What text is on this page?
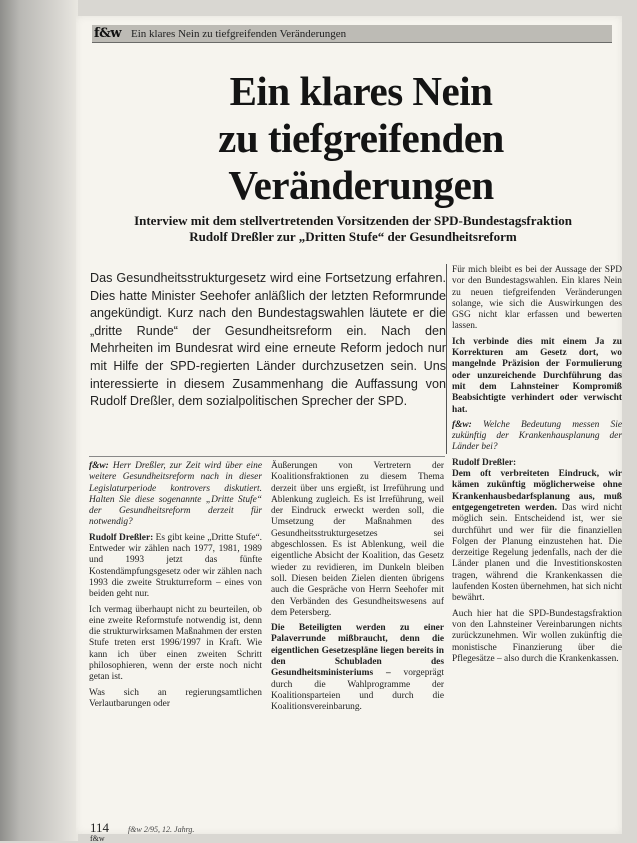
f&w Ein klares Nein zu tiefgreifenden Veränderungen
Ein klares Nein
zu tiefgreifenden
Veränderungen
Interview mit dem stellvertretenden Vorsitzenden der SPD-Bundestagsfraktion
Rudolf Dreßler zur „Dritten Stufe“ der Gesundheitsreform
Das Gesundheitsstrukturgesetz wird eine Fortsetzung erfahren. Dies hatte Minister Seehofer anläßlich der letzten Reformrunde angekündigt. Kurz nach den Bundestagswahlen läutete er die „dritte Runde“ der Gesundheitsreform ein. Nach den Mehrheiten im Bundesrat wird eine erneute Reform jedoch nur mit Hilfe der SPD-regierten Länder durchzusetzen sein. Uns interessierte in diesem Zusammenhang die Auffassung von Rudolf Dreßler, dem sozialpolitischen Sprecher der SPD.

f&w: Herr Dreßler, zur Zeit wird über eine weitere Gesundheitsreform nach in dieser Legislaturperiode kontrovers diskutiert. Halten Sie diese sogenannte „Dritte Stufe“ der Gesundheitsreform derzeit für notwendig?

Rudolf Dreßler: Es gibt keine „Dritte Stufe“. Entweder wir zählen nach 1977, 1981, 1989 und 1993 jetzt das fünfte Kostendämpfungsgesetz oder wir zählen nach 1993 die zweite Strukturreform – eines von beiden geht nur.

Ich vermag überhaupt nicht zu beurteilen, ob eine zweite Reformstufe notwendig ist, denn die strukturwirksamen Maßnahmen der ersten Stufe treten erst 1996/1997 in Kraft. Wie kann ich über einen zweiten Schritt philosophieren, wenn der erste noch nicht getan ist.

Was sich an regierungsamtlichen Verlautbarungen oder

Äußerungen von Vertretern der Koalitionsfraktionen zu diesem Thema derzeit über uns ergießt, ist Irreführung und Ablenkung zugleich. Es ist Irreführung, weil der Eindruck erweckt werden soll, die Umsetzung der Maßnahmen des Gesundheitsstrukturgesetzes sei abgeschlossen. Es ist Ablenkung, weil die eigentliche Absicht der Koalition, das Gesetz wieder zu revidieren, im Dunkeln bleiben soll. Diesen beiden Zielen dienten übrigens auch die Gespräche von Herrn Seehofer mit den Verbänden des Gesundheitswesens auf dem Petersberg.

Die Beteiligten werden zu einer Palaverrunde mißbraucht, denn die eigentlichen Gesetzespläne liegen bereits in den Schubladen des Gesundheitsministeriums – vorgeprägt durch die Wahlprogramme der Koalitionsparteien und durch die Koalitionsvereinbarung.

Für mich bleibt es bei der Aussage der SPD vor den Bundestagswahlen. Ein klares Nein zu neuen tiefgreifenden Veränderungen solange, wie sich die Auswirkungen des GSG nicht klar erfassen und bewerten lassen.

Ich verbinde dies mit einem Ja zu Korrekturen am Gesetz dort, wo mangelnde Präzision der Formulierung oder unzureichende Durchführung das mit dem Lahnsteiner Kompromiß Beabsichtigte verhindert oder verwischt hat.

f&w: Welche Bedeutung messen Sie zukünftig der Krankenhausplanung der Länder bei?

Rudolf Dreßler:

Dem oft verbreiteten Eindruck, wir kämen zukünftig möglicherweise ohne Krankenhausbedarfsplanung aus, muß entgegengetreten werden. Das wird nicht möglich sein. Entscheidend ist, wer sie durchführt und wer für die finanziellen Folgen der Planung einzustehen hat. Die derzeitige Regelung jedenfalls, nach der die Länder planen und die Investitionskosten tragen, während die Krankenkassen die laufenden Kosten übernehmen, hat sich nicht bewährt.

Auch hier hat die SPD-Bundestagsfraktion von den Lahnsteiner Vereinbarungen nichts zurückzunehmen. Wir wollen zukünftig die monistische Finanzierung über die Pflegesätze – also durch die Krankenkassen.

114 f&w 2/95, 12. Jahrg.
f&w
